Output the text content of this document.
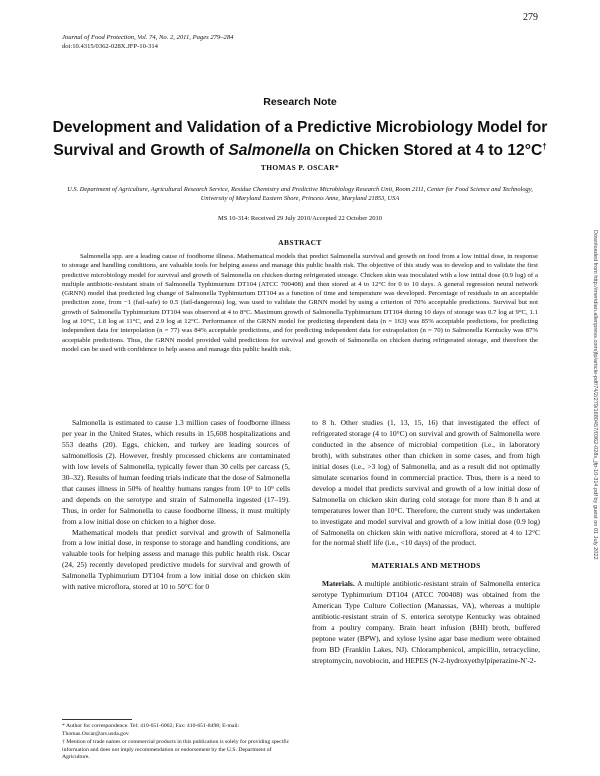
279
Journal of Food Protection, Vol. 74, No. 2, 2011, Pages 279–284
doi:10.4315/0362-028X.JFP-10-314
Downloaded from http://meridian.allenpress.com/jfp/article-pdf/74/2/279/1680457/0362-028x_jfp-10-314.pdf by guest on 01 July 2022
Research Note
Development and Validation of a Predictive Microbiology Model for
Survival and Growth of Salmonella on Chicken Stored at 4 to 12°C†
THOMAS P. OSCAR*
U.S. Department of Agriculture, Agricultural Research Service, Residue Chemistry and Predictive Microbiology Research Unit, Room 2111, Center for Food Science and Technology, University of Maryland Eastern Shore, Princess Anne, Maryland 21853, USA
MS 10-314: Received 29 July 2010/Accepted 22 October 2010
ABSTRACT

Salmonella spp. are a leading cause of foodborne illness. Mathematical models that predict Salmonella survival and growth on food from a low initial dose, in response to storage and handling conditions, are valuable tools for helping assess and manage this public health risk. The objective of this study was to develop and to validate the first predictive microbiology model for survival and growth of Salmonella on chicken during refrigerated storage. Chicken skin was inoculated with a low initial dose (0.9 log) of a multiple antibiotic-resistant strain of Salmonella Typhimurium DT104 (ATCC 700408) and then stored at 4 to 12°C for 0 to 10 days. A general regression neural network (GRNN) model that predicted log change of Salmonella Typhimurium DT104 as a function of time and temperature was developed. Percentage of residuals in an acceptable prediction zone, from −1 (fail-safe) to 0.5 (fail-dangerous) log, was used to validate the GRNN model by using a criterion of 70% acceptable predictions. Survival but not growth of Salmonella Typhimurium DT104 was observed at 4 to 8°C. Maximum growth of Salmonella Typhimurium DT104 during 10 days of storage was 0.7 log at 9°C, 1.1 log at 10°C, 1.8 log at 11°C, and 2.9 log at 12°C. Performance of the GRNN model for predicting dependent data (n = 163) was 85% acceptable predictions, for predicting independent data for interpolation (n = 77) was 84% acceptable predictions, and for predicting independent data for extrapolation (n = 70) to Salmonella Kentucky was 87% acceptable predictions. Thus, the GRNN model provided valid predictions for survival and growth of Salmonella on chicken during refrigerated storage, and therefore the model can be used with confidence to help assess and manage this public health risk.

Salmonella is estimated to cause 1.3 million cases of foodborne illness per year in the United States, which results in 15,608 hospitalizations and 553 deaths (20). Eggs, chicken, and turkey are leading sources of salmonellosis (2). However, freshly processed chickens are contaminated with low levels of Salmonella, typically fewer than 30 cells per carcass (5, 30–32). Results of human feeding trials indicate that the dose of Salmonella that causes illness in 50% of healthy humans ranges from 10⁵ to 10⁹ cells and depends on the serotype and strain of Salmonella ingested (17–19). Thus, in order for Salmonella to cause foodborne illness, it must multiply from a low initial dose on chicken to a higher dose.

Mathematical models that predict survival and growth of Salmonella from a low initial dose, in response to storage and handling conditions, are valuable tools for helping assess and manage this public health risk. Oscar (24, 25) recently developed predictive models for survival and growth of Salmonella Typhimurium DT104 from a low initial dose on chicken skin with native microflora, stored at 10 to 50°C for 0

to 8 h. Other studies (1, 13, 15, 16) that investigated the effect of refrigerated storage (4 to 10°C) on survival and growth of Salmonella were conducted in the absence of microbial competition (i.e., in laboratory broth), with substrates other than chicken in some cases, and from high initial doses (i.e., >3 log) of Salmonella, and as a result did not optimally simulate scenarios found in commercial practice. Thus, there is a need to develop a model that predicts survival and growth of a low initial dose of Salmonella on chicken skin during cold storage for more than 8 h and at temperatures lower than 10°C. Therefore, the current study was undertaken to investigate and model survival and growth of a low initial dose (0.9 log) of Salmonella on chicken skin with native microflora, stored at 4 to 12°C for the normal shelf life (i.e., <10 days) of the product.

MATERIALS AND METHODS

Materials. A multiple antibiotic-resistant strain of Salmonella enterica serotype Typhimurium DT104 (ATCC 700408) was obtained from the American Type Culture Collection (Manassas, VA), whereas a multiple antibiotic-resistant strain of S. enterica serotype Kentucky was obtained from a poultry company. Brain heart infusion (BHI) broth, buffered peptone water (BPW), and xylose lysine agar base medium were obtained from BD (Franklin Lakes, NJ). Chloramphenicol, ampicillin, tetracycline, streptomycin, novobiocin, and HEPES (N-2-hydroxyethylpiperazine-N′-2-

* Author for correspondence. Tel: 410-651-6062; Fax: 410-651-8498; E-mail: Thomas.Oscar@ars.usda.gov.

† Mention of trade names or commercial products in this publication is solely for providing specific information and does not imply recommendation or endorsement by the U.S. Department of Agriculture.
